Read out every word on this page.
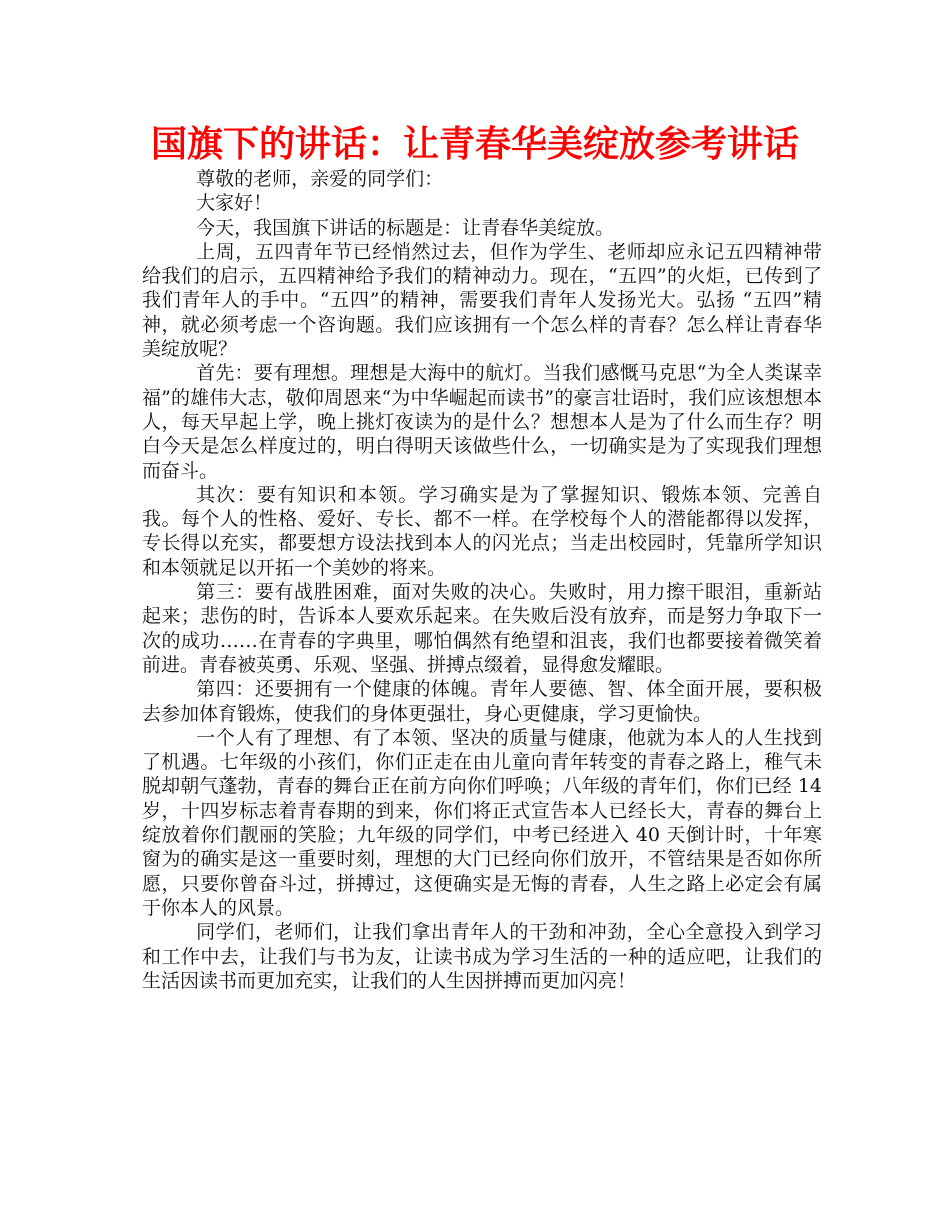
国旗下的讲话：让青春华美绽放参考讲话

尊敬的老师，亲爱的同学们：

大家好！

今天，我国旗下讲话的标题是：让青春华美绽放。

上周，五四青年节已经悄然过去，但作为学生、老师却应永记五四精神带给我们的启示，五四精神给予我们的精神动力。现在，“五四”的火炬，已传到了我们青年人的手中。“五四”的精神，需要我们青年人发扬光大。弘扬 “五四”精神，就必须考虑一个咨询题。我们应该拥有一个怎么样的青春？怎么样让青春华美绽放呢？

首先：要有理想。理想是大海中的航灯。当我们感慨马克思“为全人类谋幸福”的雄伟大志，敬仰周恩来“为中华崛起而读书”的豪言壮语时，我们应该想想本人，每天早起上学，晚上挑灯夜读为的是什么？想想本人是为了什么而生存？明白今天是怎么样度过的，明白得明天该做些什么，一切确实是为了实现我们理想而奋斗。

其次：要有知识和本领。学习确实是为了掌握知识、锻炼本领、完善自我。每个人的性格、爱好、专长、都不一样。在学校每个人的潜能都得以发挥，专长得以充实，都要想方设法找到本人的闪光点；当走出校园时，凭靠所学知识和本领就足以开拓一个美妙的将来。

第三：要有战胜困难，面对失败的决心。失败时，用力擦干眼泪，重新站起来；悲伤的时，告诉本人要欢乐起来。在失败后没有放弃，而是努力争取下一次的成功……在青春的字典里，哪怕偶然有绝望和沮丧，我们也都要接着微笑着前进。青春被英勇、乐观、坚强、拼搏点缀着，显得愈发耀眼。

第四：还要拥有一个健康的体魄。青年人要德、智、体全面开展，要积极去参加体育锻炼，使我们的身体更强壮，身心更健康，学习更愉快。

一个人有了理想、有了本领、坚决的质量与健康，他就为本人的人生找到了机遇。七年级的小孩们，你们正走在由儿童向青年转变的青春之路上，稚气未脱却朝气蓬勃，青春的舞台正在前方向你们呼唤；八年级的青年们，你们已经 14 岁，十四岁标志着青春期的到来，你们将正式宣告本人已经长大，青春的舞台上绽放着你们靓丽的笑脸；九年级的同学们，中考已经进入 40 天倒计时，十年寒窗为的确实是这一重要时刻，理想的大门已经向你们放开，不管结果是否如你所愿，只要你曾奋斗过，拼搏过，这便确实是无悔的青春，人生之路上必定会有属于你本人的风景。

同学们，老师们，让我们拿出青年人的干劲和冲劲，全心全意投入到学习和工作中去，让我们与书为友，让读书成为学习生活的一种的适应吧，让我们的生活因读书而更加充实，让我们的人生因拼搏而更加闪亮！
